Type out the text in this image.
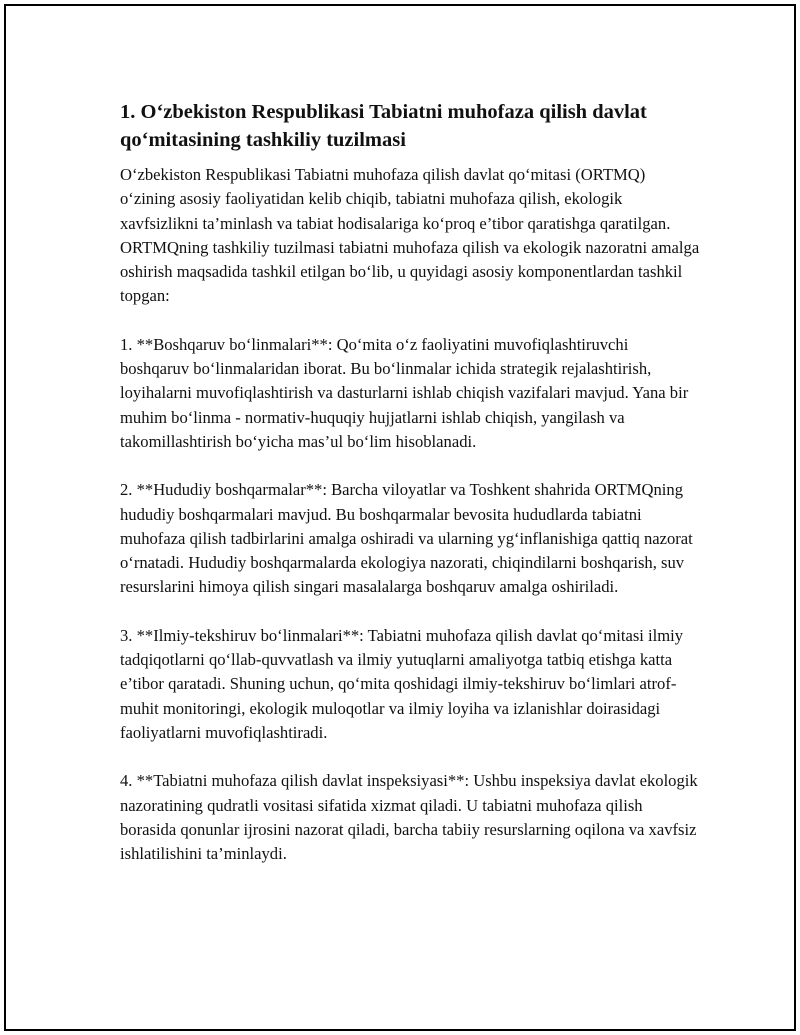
1. O‘zbekiston Respublikasi Tabiatni muhofaza qilish davlat qo‘mitasining tashkiliy tuzilmasi

O‘zbekiston Respublikasi Tabiatni muhofaza qilish davlat qo‘mitasi (ORTMQ) o‘zining asosiy faoliyatidan kelib chiqib, tabiatni muhofaza qilish, ekologik xavfsizlikni ta’minlash va tabiat hodisalariga ko‘proq e’tibor qaratishga qaratilgan. ORTMQning tashkiliy tuzilmasi tabiatni muhofaza qilish va ekologik nazoratni amalga oshirish maqsadida tashkil etilgan bo‘lib, u quyidagi asosiy komponentlardan tashkil topgan:

1. **Boshqaruv bo‘linmalari**: Qo‘mita o‘z faoliyatini muvofiqlashtiruvchi boshqaruv bo‘linmalaridan iborat. Bu bo‘linmalar ichida strategik rejalashtirish, loyihalarni muvofiqlashtirish va dasturlarni ishlab chiqish vazifalari mavjud. Yana bir muhim bo‘linma - normativ-huquqiy hujjatlarni ishlab chiqish, yangilash va takomillashtirish bo‘yicha mas’ul bo‘lim hisoblanadi.

2. **Hududiy boshqarmalar**: Barcha viloyatlar va Toshkent shahrida ORTMQning hududiy boshqarmalari mavjud. Bu boshqarmalar bevosita hududlarda tabiatni muhofaza qilish tadbirlarini amalga oshiradi va ularning yg‘inflanishiga qattiq nazorat o‘rnatadi. Hududiy boshqarmalarda ekologiya nazorati, chiqindilarni boshqarish, suv resurslarini himoya qilish singari masalalarga boshqaruv amalga oshiriladi.

3. **Ilmiy-tekshiruv bo‘linmalari**: Tabiatni muhofaza qilish davlat qo‘mitasi ilmiy tadqiqotlarni qo‘llab-quvvatlash va ilmiy yutuqlarni amaliyotga tatbiq etishga katta e’tibor qaratadi. Shuning uchun, qo‘mita qoshidagi ilmiy-tekshiruv bo‘limlari atrof-muhit monitoringi, ekologik muloqotlar va ilmiy loyiha va izlanishlar doirasidagi faoliyatlarni muvofiqlashtiradi.

4. **Tabiatni muhofaza qilish davlat inspeksiyasi**: Ushbu inspeksiya davlat ekologik nazoratining qudratli vositasi sifatida xizmat qiladi. U tabiatni muhofaza qilish borasida qonunlar ijrosini nazorat qiladi, barcha tabiiy resurslarning oqilona va xavfsiz ishlatilishini ta’minlaydi.
